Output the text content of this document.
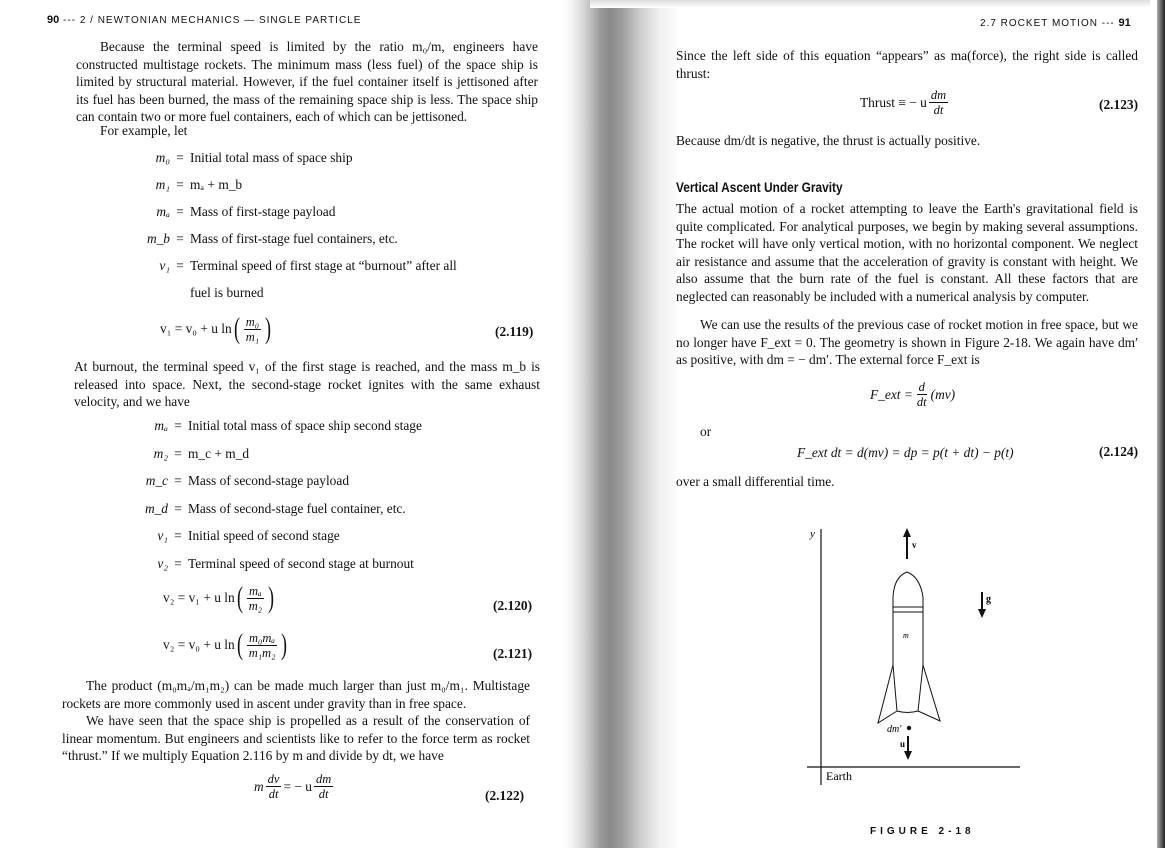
90 --- 2 / NEWTONIAN MECHANICS — SINGLE PARTICLE
Because the terminal speed is limited by the ratio m₀/m, engineers have constructed multistage rockets. The minimum mass (less fuel) of the space ship is limited by structural material. However, if the fuel container itself is jettisoned after its fuel has been burned, the mass of the remaining space ship is less. The space ship can contain two or more fuel containers, each of which can be jettisoned.
For example, let
m₀ = Initial total mass of space ship
m₁ = mₐ + m_b
mₐ = Mass of first-stage payload
m_b = Mass of first-stage fuel containers, etc.
v₁ = Terminal speed of first stage at “burnout” after all
fuel is burned
v₁ = v₀ + u ln ( $\frac{\text{m₀}}{\text{m₁}}$ )	(2.119)
At burnout, the terminal speed v₁ of the first stage is reached, and the mass m_b is released into space. Next, the second-stage rocket ignites with the same exhaust velocity, and we have
mₐ = Initial total mass of space ship second stage
m₂ = m_c + m_d
m_c = Mass of second-stage payload
m_d = Mass of second-stage fuel container, etc.
v₁ = Initial speed of second stage
v₂ = Terminal speed of second stage at burnout
v₂ = v₁ + u ln ( $\frac{\text{mₐ}}{\text{m₂}}$ )	(2.120)
v₂ = v₀ + u ln ( $\frac{\text{m₀mₐ}}{\text{m₁m₂}}$ )	(2.121)
The product (m₀mₐ/m₁m₂) can be made much larger than just m₀/m₁. Multistage rockets are more commonly used in ascent under gravity than in free space.
We have seen that the space ship is propelled as a result of the conservation of linear momentum. But engineers and scientists like to refer to the force term as rocket “thrust.” If we multiply Equation 2.116 by m and divide by dt, we have
m $\frac{dv}{dt}$ = − u $\frac{dm}{dt}$	(2.122)
2.7 ROCKET MOTION --- 91
Since the left side of this equation “appears” as ma(force), the right side is called thrust:
Thrust ≡ − u $\frac{dm}{dt}$	(2.123)
Because dm/dt is negative, the thrust is actually positive.
Vertical Ascent Under Gravity
The actual motion of a rocket attempting to leave the Earth's gravitational field is quite complicated. For analytical purposes, we begin by making several assumptions. The rocket will have only vertical motion, with no horizontal component. We neglect air resistance and assume that the acceleration of gravity is constant with height. We also assume that the burn rate of the fuel is constant. All these factors that are neglected can reasonably be included with a numerical analysis by computer.
We can use the results of the previous case of rocket motion in free space, but we no longer have F_ext = 0. The geometry is shown in Figure 2-18. We again have dm′ as positive, with dm = − dm′. The external force F_ext is
F_ext = $\frac{d}{dt} (mv)$
or
F_ext dt = d(mv) = dp = p(t + dt) − p(t)	(2.124)
over a small differential time.
y
Earth
v
g
m
dm′
u
FIGURE 2-18
